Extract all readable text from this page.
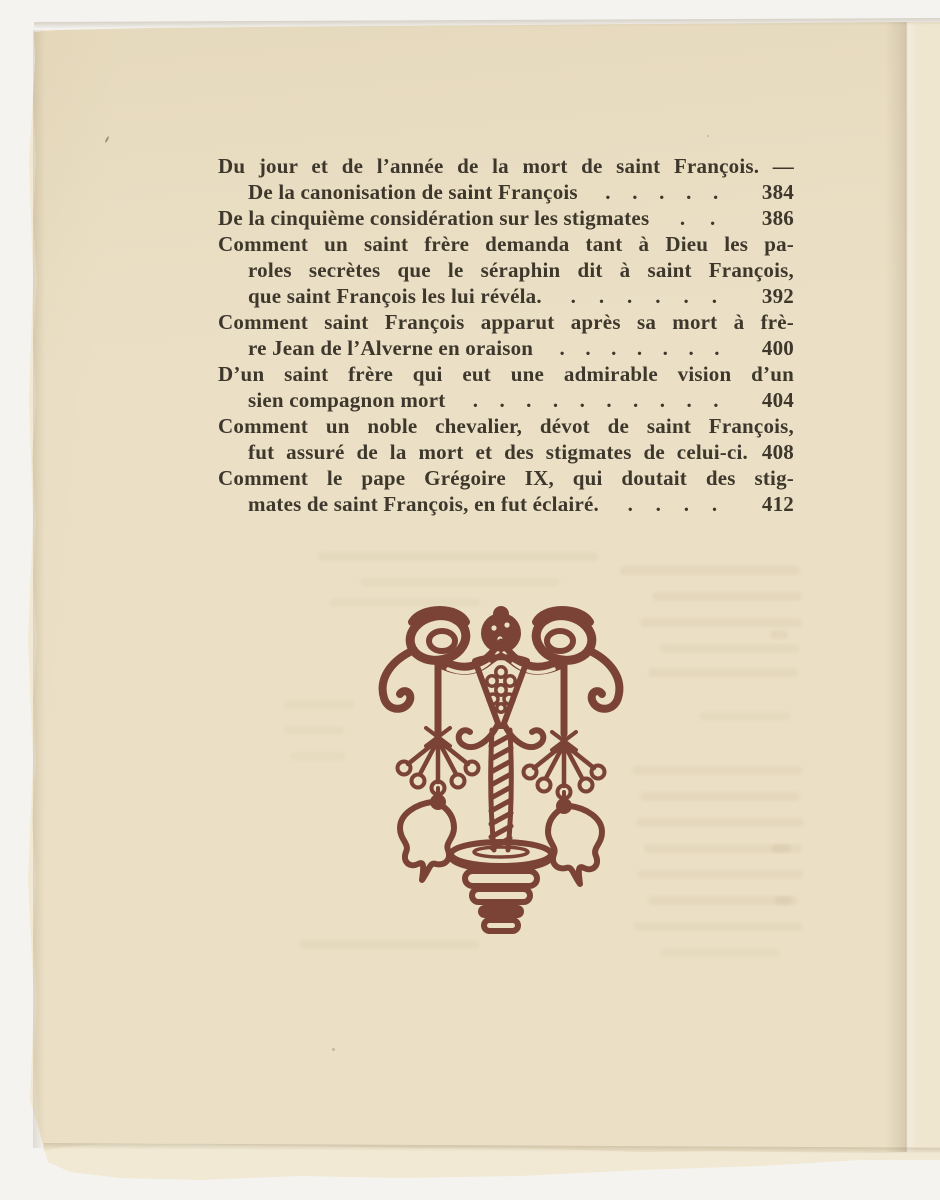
Du jour et de l’année de la mort de saint François. —
De la canonisation de saint François . . . . .	384
De la cinquième considération sur les stigmates . .	386
Comment un saint frère demanda tant à Dieu les pa-
roles secrètes que le séraphin dit à saint François,
que saint François les lui révéla. . . . . . .	392
Comment saint François apparut après sa mort à frè-
re Jean de l’Alverne en oraison . . . . . . .	400
D’un saint frère qui eut une admirable vision d’un
sien compagnon mort . . . . . . . . . .	404
Comment un noble chevalier, dévot de saint François,
fut assuré de la mort et des stigmates de celui-ci. 408
Comment le pape Grégoire IX, qui doutait des stig-
mates de saint François, en fut éclairé. . . . .	412
